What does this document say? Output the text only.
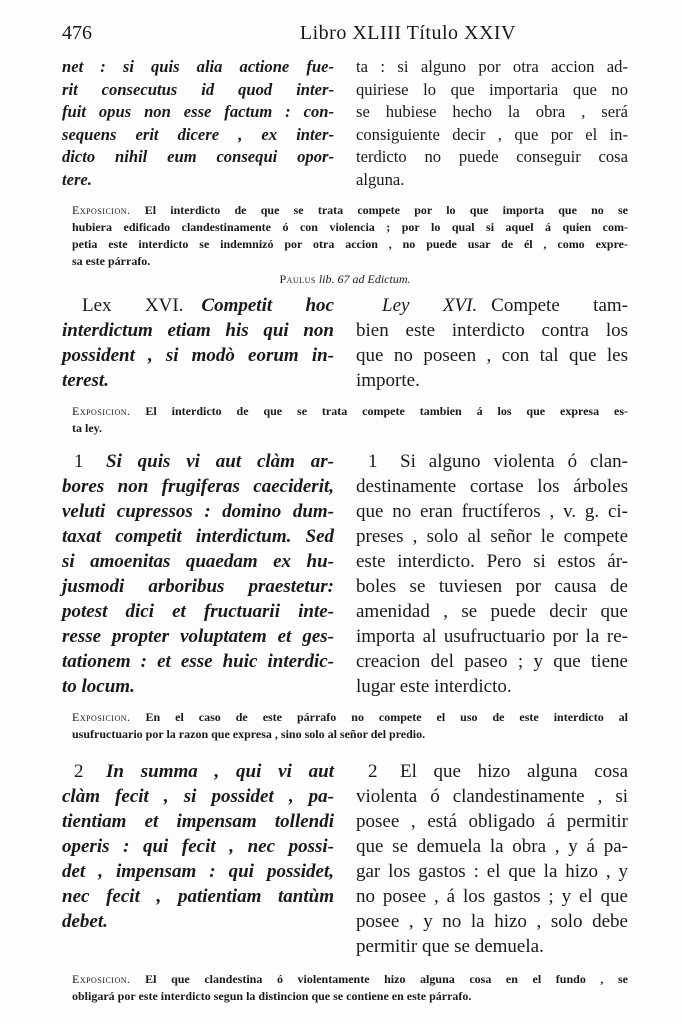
476	Libro XLIII Título XXIV
net : si quis alia actione fue-
rit consecutus id quod inter-
fuit opus non esse factum : con-
sequens erit dicere , ex inter-
dicto nihil eum consequi opor-
tere.
ta : si alguno por otra accion ad-
quiriese lo que importaria que no
se hubiese hecho la obra , será
consiguiente decir , que por el in-
terdicto no puede conseguir cosa
alguna.
Exposicion. El interdicto de que se trata compete por lo que importa que no se
hubiera edificado clandestinamente ó con violencia ; por lo qual si aquel á quien com-
petia este interdicto se indemnizó por otra accion , no puede usar de él , como expre-
sa este párrafo.
Paulus lib. 67 ad Edictum.
Lex XVI. Competit hoc
interdictum etiam his qui non
possident , si modò eorum in-
terest.
Ley XVI. Compete tam-
bien este interdicto contra los
que no poseen , con tal que les
importe.
Exposicion. El interdicto de que se trata compete tambien á los que expresa es-
ta ley.
1 Si quis vi aut clàm ar-
bores non frugiferas caeciderit,
veluti cupressos : domino dum-
taxat competit interdictum. Sed
si amoenitas quaedam ex hu-
jusmodi arboribus praestetur:
potest dici et fructuarii inte-
resse propter voluptatem et ges-
tationem : et esse huic interdic-
to locum.
1 Si alguno violenta ó clan-
destinamente cortase los árboles
que no eran fructíferos , v. g. ci-
preses , solo al señor le compete
este interdicto. Pero si estos ár-
boles se tuviesen por causa de
amenidad , se puede decir que
importa al usufructuario por la re-
creacion del paseo ; y que tiene
lugar este interdicto.
Exposicion. En el caso de este párrafo no compete el uso de este interdicto al
usufructuario por la razon que expresa , sino solo al señor del predio.
2 In summa , qui vi aut
clàm fecit , si possidet , pa-
tientiam et impensam tollendi
operis : qui fecit , nec possi-
det , impensam : qui possidet,
nec fecit , patientiam tantùm
debet.
2 El que hizo alguna cosa
violenta ó clandestinamente , si
posee , está obligado á permitir
que se demuela la obra , y á pa-
gar los gastos : el que la hizo , y
no posee , á los gastos ; y el que
posee , y no la hizo , solo debe
permitir que se demuela.
Exposicion. El que clandestina ó violentamente hizo alguna cosa en el fundo , se
obligará por este interdicto segun la distincion que se contiene en este párrafo.
